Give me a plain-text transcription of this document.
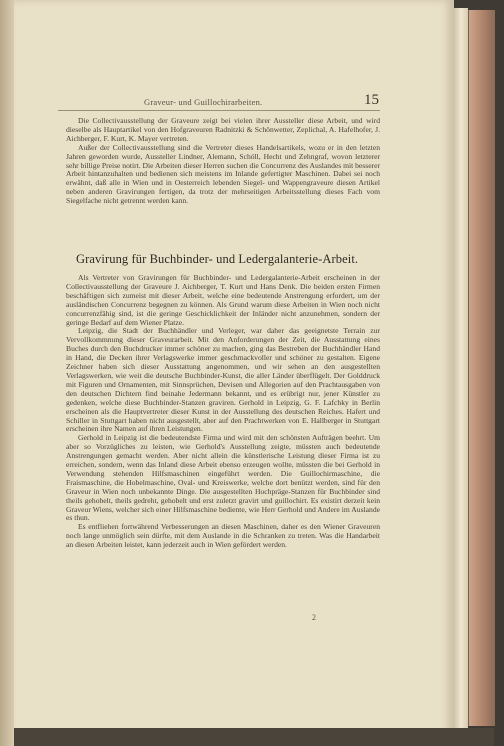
Graveur- und Guillochirarbeiten.	15

Die Collectivausstellung der Graveure zeigt bei vielen ihrer Aussteller diese Arbeit, und wird dieselbe als Hauptartikel von den Hofgraveuren Radnitzki & Schönwetter, Zeplichal, A. Hafelhofer, J. Aichberger, F. Kurt, K. Mayer vertreten.

Außer der Collectivausstellung sind die Vertreter dieses Handelsartikels, wozu er in den letzten Jahren geworden wurde, Aussteller Lindner, Alemann, Schöll, Hecht und Zehngraf, wovon letzterer sehr billige Preise notirt. Die Arbeiten dieser Herren suchen die Concurrenz des Auslandes mit besserer Arbeit hintanzuhalten und bedienen sich meistens im Inlande gefertigter Maschinen. Dabei sei noch erwähnt, daß alle in Wien und in Oesterreich lebenden Siegel- und Wappengraveure diesen Artikel neben anderen Gravirungen fertigen, da trotz der mehrseitigen Arbeitsstellung dieses Fach vom Siegelfache nicht getrennt werden kann.

Gravirung für Buchbinder- und Ledergalanterie-Arbeit.

Als Vertreter von Gravirungen für Buchbinder- und Ledergalanterie-Arbeit erscheinen in der Collectivausstellung der Graveure J. Aichberger, T. Kurt und Hans Denk. Die beiden ersten Firmen beschäftigen sich zumeist mit dieser Arbeit, welche eine bedeutende Anstrengung erfordert, um der ausländischen Concurrenz begegnen zu können. Als Grund warum diese Arbeiten in Wien noch nicht concurrenzfähig sind, ist die geringe Geschicklichkeit der Inländer nicht anzunehmen, sondern der geringe Bedarf auf dem Wiener Platze.

Leipzig, die Stadt der Buchhändler und Verleger, war daher das geeignetste Terrain zur Vervollkommnung dieser Graveurarbeit. Mit den Anforderungen der Zeit, die Ausstattung eines Buches durch den Buchdrucker immer schöner zu machen, ging das Bestreben der Buchhändler Hand in Hand, die Decken ihrer Verlagswerke immer geschmackvoller und schöner zu gestalten. Eigene Zeichner haben sich dieser Ausstattung angenommen, und wir sehen an den ausgestellten Verlagswerken, wie weit die deutsche Buchbinder-Kunst, die aller Länder überflügelt. Der Golddruck mit Figuren und Ornamenten, mit Sinnsprüchen, Devisen und Allegorien auf den Prachtausgaben von den deutschen Dichtern find beinahe Jedermann bekannt, und es erübrigt nur, jener Künstler zu gedenken, welche diese Buchbinder-Stanzen graviren. Gerhold in Leipzig, G. F. Lafchky in Berlin erscheinen als die Hauptvertreter dieser Kunst in der Ausstellung des deutschen Reiches. Hafert und Schiller in Stuttgart haben nicht ausgestellt, aber auf den Prachtwerken von E. Hallberger in Stuttgart erscheinen ihre Namen auf ihren Leistungen.

Gerhold in Leipzig ist die bedeutendste Firma und wird mit den schönsten Aufträgen beehrt. Um aber so Vorzügliches zu leisten, wie Gerhold's Ausstellung zeigte, müssten auch bedeutende Anstrengungen gemacht werden. Aber nicht allein die künstlerische Leistung dieser Firma ist zu erreichen, sondern, wenn das Inland diese Arbeit ebenso erzeugen wollte, müssten die bei Gerhold in Verwendung stehenden Hilfsmaschinen eingeführt werden. Die Guillochirmaschine, die Fraismaschine, die Hobelmaschine, Oval- und Kreiswerke, welche dort benützt werden, sind für den Graveur in Wien noch unbekannte Dinge. Die ausgestellten Hochpräge-Stanzen für Buchbinder sind theils gehobelt, theils gedreht, gehobelt und erst zuletzt gravirt und guillochirt. Es existirt derzeit kein Graveur Wiens, welcher sich einer Hilfsmaschine bediente, wie Herr Gerhold und Andere im Auslande es thun.

Es entfliehen fortwährend Verbesserungen an diesen Maschinen, daher es den Wiener Graveuren noch lange unmöglich sein dürfte, mit dem Auslande in die Schranken zu treten. Was die Handarbeit an diesen Arbeiten leistet, kann jederzeit auch in Wien gefördert werden.

2
